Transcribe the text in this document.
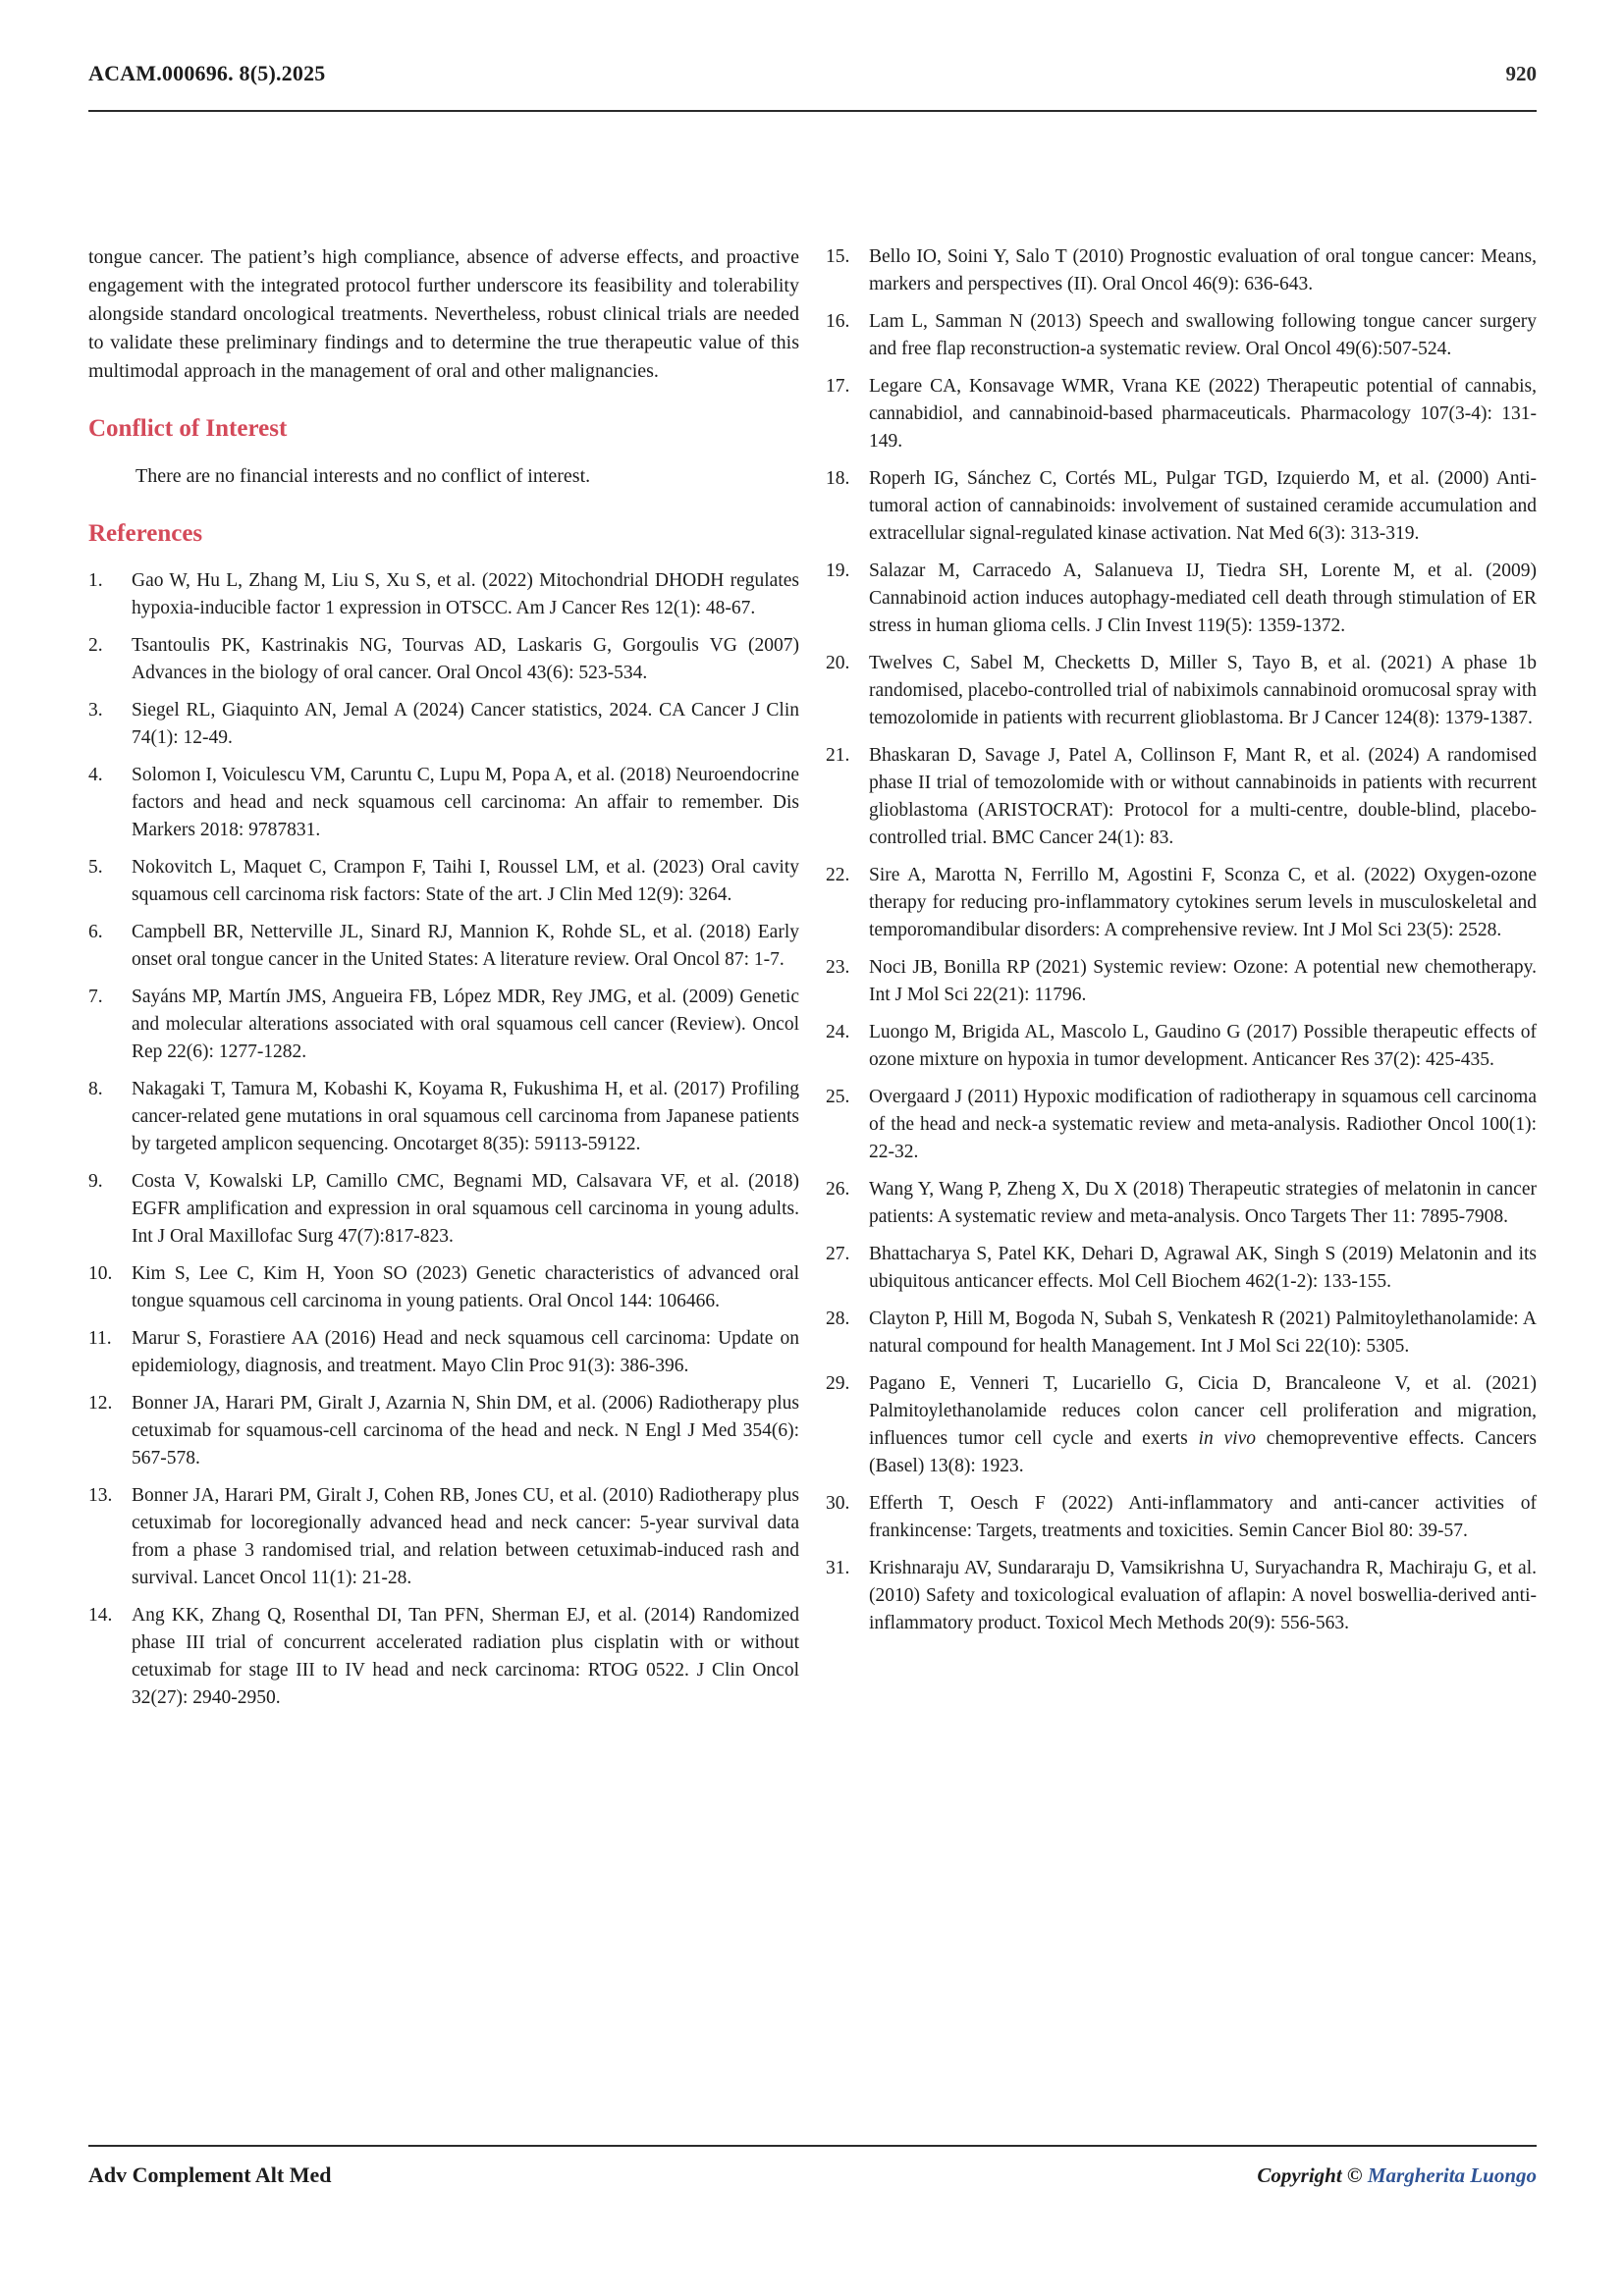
ACAM.000696. 8(5).2025	920

tongue cancer. The patient’s high compliance, absence of adverse effects, and proactive engagement with the integrated protocol further underscore its feasibility and tolerability alongside standard oncological treatments. Nevertheless, robust clinical trials are needed to validate these preliminary findings and to determine the true therapeutic value of this multimodal approach in the management of oral and other malignancies.

Conflict of Interest

There are no financial interests and no conflict of interest.

References
1.	Gao W, Hu L, Zhang M, Liu S, Xu S, et al. (2022) Mitochondrial DHODH regulates hypoxia-inducible factor 1 expression in OTSCC. Am J Cancer Res 12(1): 48-67.
2.	Tsantoulis PK, Kastrinakis NG, Tourvas AD, Laskaris G, Gorgoulis VG (2007) Advances in the biology of oral cancer. Oral Oncol 43(6): 523-534.
3.	Siegel RL, Giaquinto AN, Jemal A (2024) Cancer statistics, 2024. CA Cancer J Clin 74(1): 12-49.
4.	Solomon I, Voiculescu VM, Caruntu C, Lupu M, Popa A, et al. (2018) Neuroendocrine factors and head and neck squamous cell carcinoma: An affair to remember. Dis Markers 2018: 9787831.
5.	Nokovitch L, Maquet C, Crampon F, Taihi I, Roussel LM, et al. (2023) Oral cavity squamous cell carcinoma risk factors: State of the art. J Clin Med 12(9): 3264.
6.	Campbell BR, Netterville JL, Sinard RJ, Mannion K, Rohde SL, et al. (2018) Early onset oral tongue cancer in the United States: A literature review. Oral Oncol 87: 1-7.
7.	Sayáns MP, Martín JMS, Angueira FB, López MDR, Rey JMG, et al. (2009) Genetic and molecular alterations associated with oral squamous cell cancer (Review). Oncol Rep 22(6): 1277-1282.
8.	Nakagaki T, Tamura M, Kobashi K, Koyama R, Fukushima H, et al. (2017) Profiling cancer-related gene mutations in oral squamous cell carcinoma from Japanese patients by targeted amplicon sequencing. Oncotarget 8(35): 59113-59122.
9.	Costa V, Kowalski LP, Camillo CMC, Begnami MD, Calsavara VF, et al. (2018) EGFR amplification and expression in oral squamous cell carcinoma in young adults. Int J Oral Maxillofac Surg 47(7):817-823.
10.	Kim S, Lee C, Kim H, Yoon SO (2023) Genetic characteristics of advanced oral tongue squamous cell carcinoma in young patients. Oral Oncol 144: 106466.
11.	Marur S, Forastiere AA (2016) Head and neck squamous cell carcinoma: Update on epidemiology, diagnosis, and treatment. Mayo Clin Proc 91(3): 386-396.
12.	Bonner JA, Harari PM, Giralt J, Azarnia N, Shin DM, et al. (2006) Radiotherapy plus cetuximab for squamous-cell carcinoma of the head and neck. N Engl J Med 354(6): 567-578.
13.	Bonner JA, Harari PM, Giralt J, Cohen RB, Jones CU, et al. (2010) Radiotherapy plus cetuximab for locoregionally advanced head and neck cancer: 5-year survival data from a phase 3 randomised trial, and relation between cetuximab-induced rash and survival. Lancet Oncol 11(1): 21-28.
14.	Ang KK, Zhang Q, Rosenthal DI, Tan PFN, Sherman EJ, et al. (2014) Randomized phase III trial of concurrent accelerated radiation plus cisplatin with or without cetuximab for stage III to IV head and neck carcinoma: RTOG 0522. J Clin Oncol 32(27): 2940-2950.
15.	Bello IO, Soini Y, Salo T (2010) Prognostic evaluation of oral tongue cancer: Means, markers and perspectives (II). Oral Oncol 46(9): 636-643.
16.	Lam L, Samman N (2013) Speech and swallowing following tongue cancer surgery and free flap reconstruction-a systematic review. Oral Oncol 49(6):507-524.
17.	Legare CA, Konsavage WMR, Vrana KE (2022) Therapeutic potential of cannabis, cannabidiol, and cannabinoid-based pharmaceuticals. Pharmacology 107(3-4): 131-149.
18.	Roperh IG, Sánchez C, Cortés ML, Pulgar TGD, Izquierdo M, et al. (2000) Anti-tumoral action of cannabinoids: involvement of sustained ceramide accumulation and extracellular signal-regulated kinase activation. Nat Med 6(3): 313-319.
19.	Salazar M, Carracedo A, Salanueva IJ, Tiedra SH, Lorente M, et al. (2009) Cannabinoid action induces autophagy-mediated cell death through stimulation of ER stress in human glioma cells. J Clin Invest 119(5): 1359-1372.
20.	Twelves C, Sabel M, Checketts D, Miller S, Tayo B, et al. (2021) A phase 1b randomised, placebo-controlled trial of nabiximols cannabinoid oromucosal spray with temozolomide in patients with recurrent glioblastoma. Br J Cancer 124(8): 1379-1387.
21.	Bhaskaran D, Savage J, Patel A, Collinson F, Mant R, et al. (2024) A randomised phase II trial of temozolomide with or without cannabinoids in patients with recurrent glioblastoma (ARISTOCRAT): Protocol for a multi-centre, double-blind, placebo-controlled trial. BMC Cancer 24(1): 83.
22.	Sire A, Marotta N, Ferrillo M, Agostini F, Sconza C, et al. (2022) Oxygen-ozone therapy for reducing pro-inflammatory cytokines serum levels in musculoskeletal and temporomandibular disorders: A comprehensive review. Int J Mol Sci 23(5): 2528.
23.	Noci JB, Bonilla RP (2021) Systemic review: Ozone: A potential new chemotherapy. Int J Mol Sci 22(21): 11796.
24.	Luongo M, Brigida AL, Mascolo L, Gaudino G (2017) Possible therapeutic effects of ozone mixture on hypoxia in tumor development. Anticancer Res 37(2): 425-435.
25.	Overgaard J (2011) Hypoxic modification of radiotherapy in squamous cell carcinoma of the head and neck-a systematic review and meta-analysis. Radiother Oncol 100(1): 22-32.
26.	Wang Y, Wang P, Zheng X, Du X (2018) Therapeutic strategies of melatonin in cancer patients: A systematic review and meta-analysis. Onco Targets Ther 11: 7895-7908.
27.	Bhattacharya S, Patel KK, Dehari D, Agrawal AK, Singh S (2019) Melatonin and its ubiquitous anticancer effects. Mol Cell Biochem 462(1-2): 133-155.
28.	Clayton P, Hill M, Bogoda N, Subah S, Venkatesh R (2021) Palmitoylethanolamide: A natural compound for health Management. Int J Mol Sci 22(10): 5305.
29.	Pagano E, Venneri T, Lucariello G, Cicia D, Brancaleone V, et al. (2021) Palmitoylethanolamide reduces colon cancer cell proliferation and migration, influences tumor cell cycle and exerts in vivo chemopreventive effects. Cancers (Basel) 13(8): 1923.
30.	Efferth T, Oesch F (2022) Anti-inflammatory and anti-cancer activities of frankincense: Targets, treatments and toxicities. Semin Cancer Biol 80: 39-57.
31.	Krishnaraju AV, Sundararaju D, Vamsikrishna U, Suryachandra R, Machiraju G, et al. (2010) Safety and toxicological evaluation of aflapin: A novel boswellia-derived anti-inflammatory product. Toxicol Mech Methods 20(9): 556-563.
Adv Complement Alt Med	Copyright © Margherita Luongo
